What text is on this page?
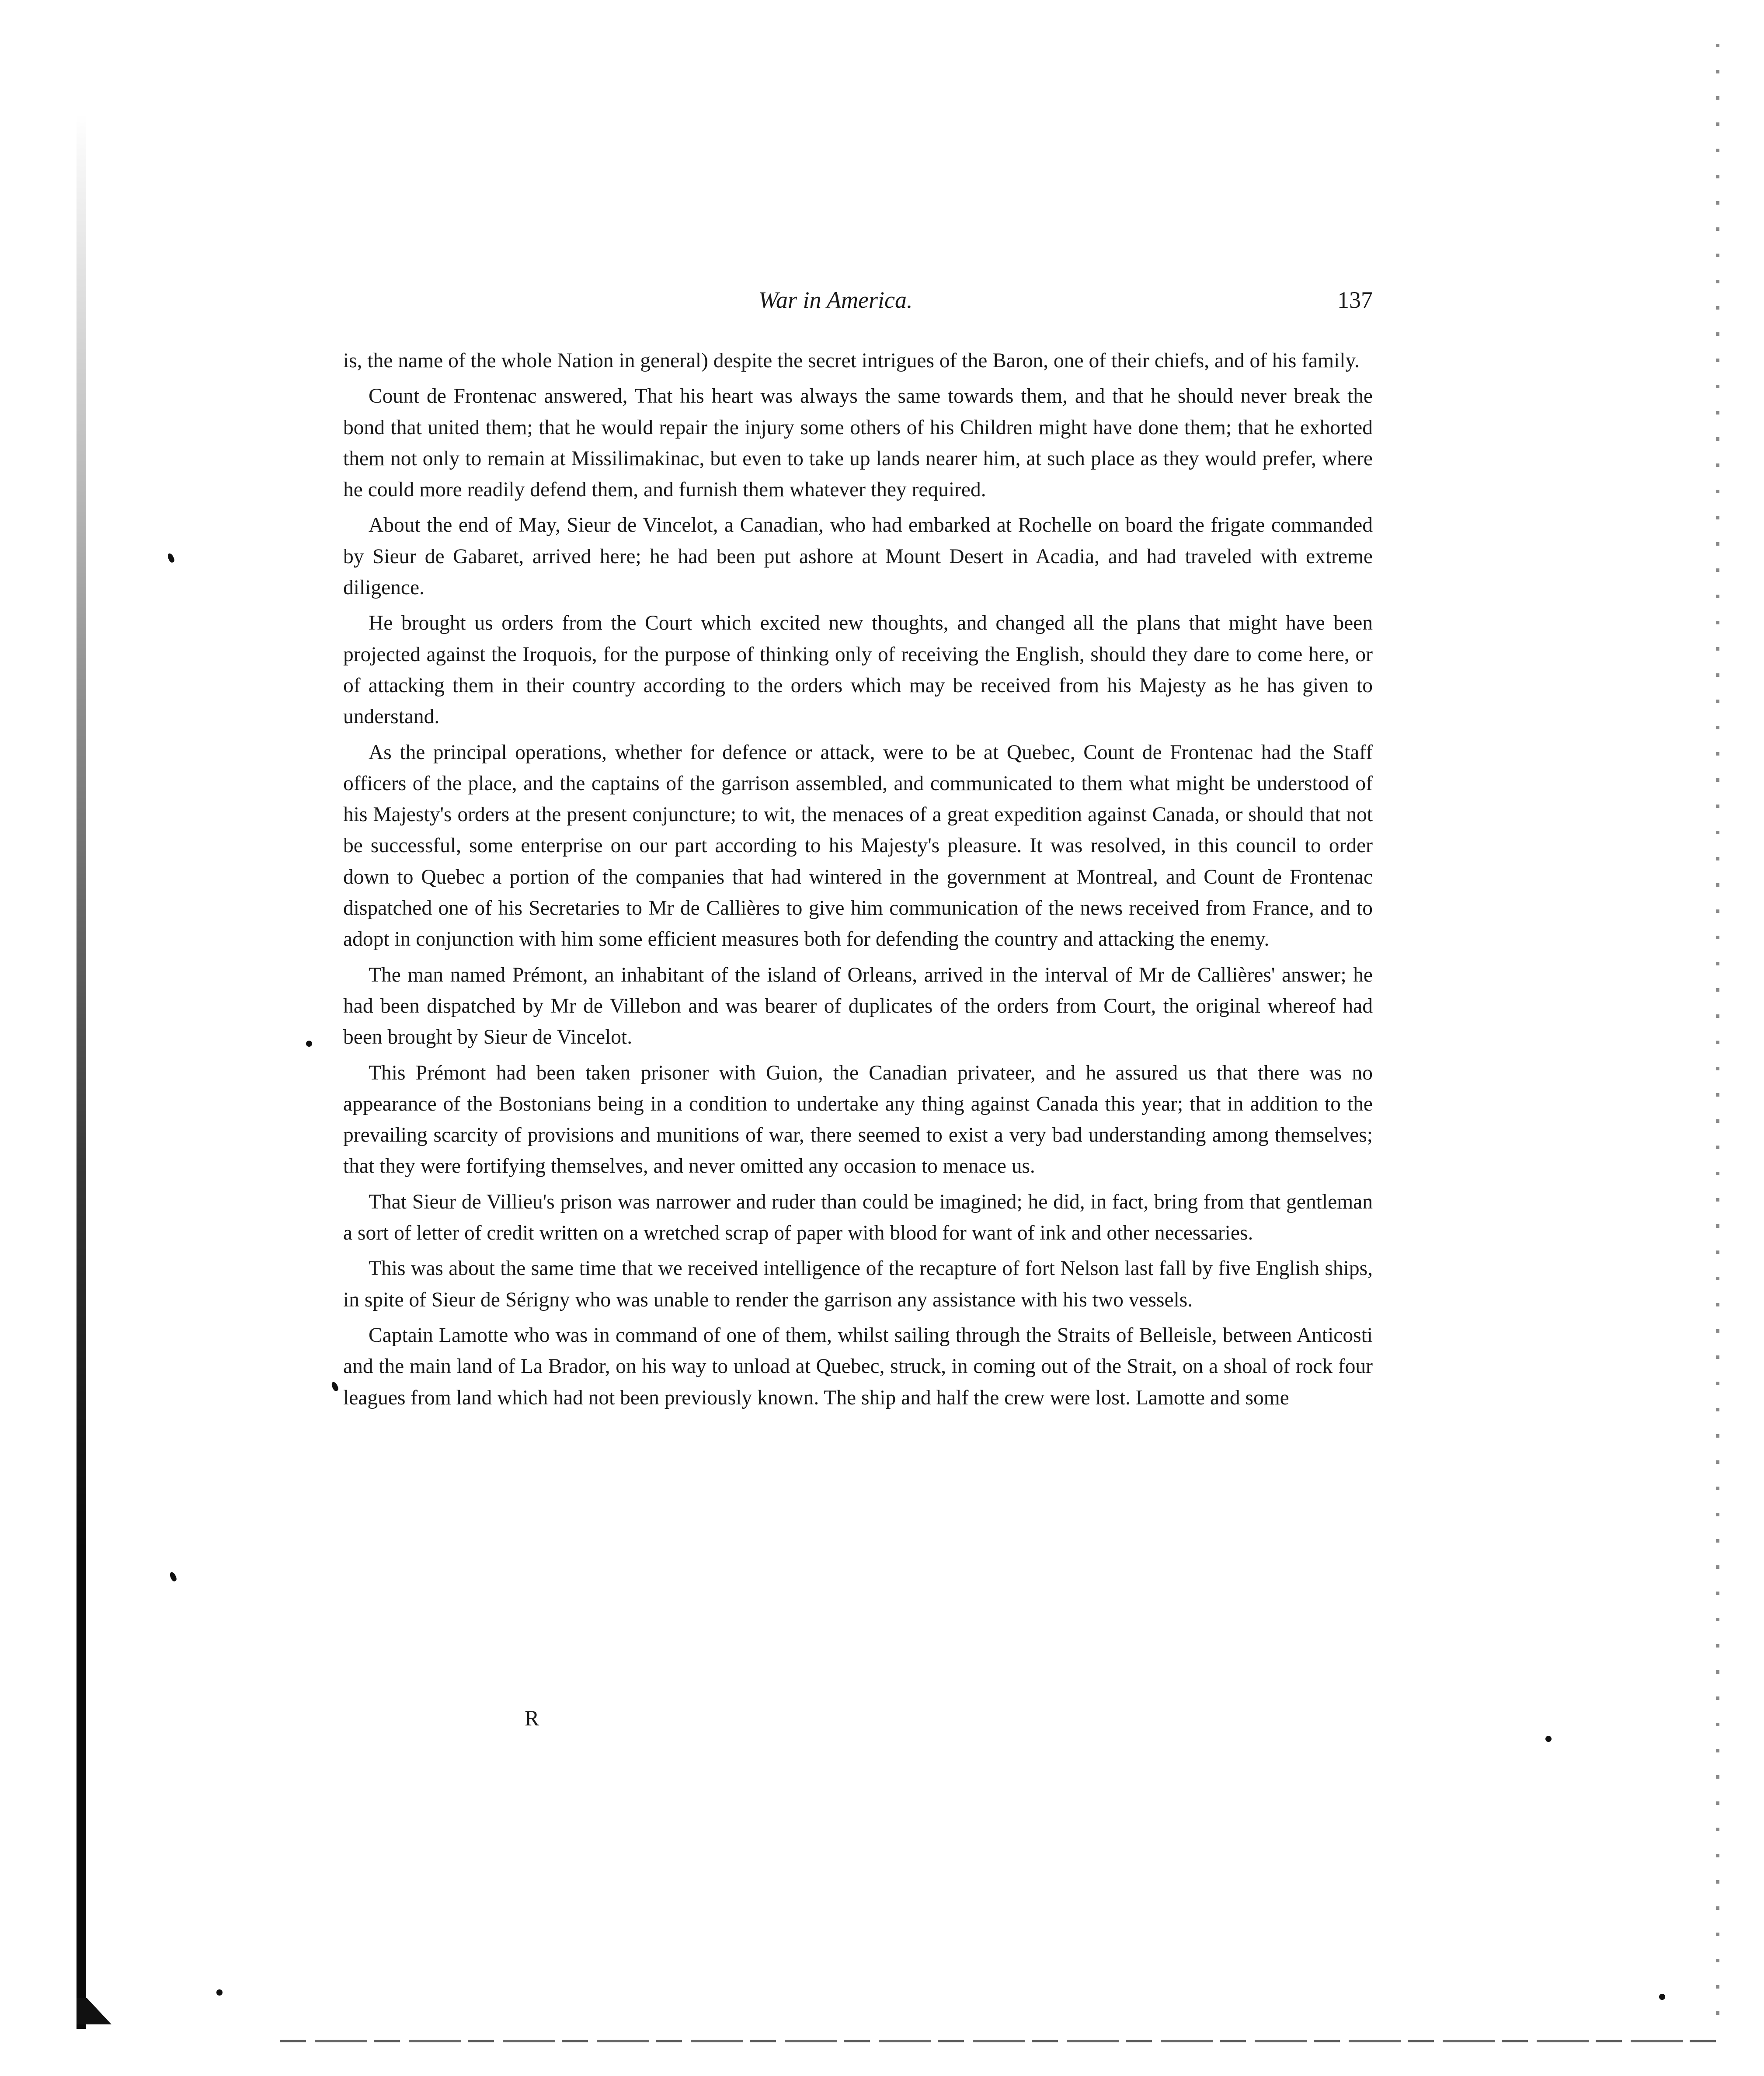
War in America.	137

is, the name of the whole Nation in general) despite the secret intrigues of the Baron, one of their chiefs, and of his family.

Count de Frontenac answered, That his heart was always the same towards them, and that he should never break the bond that united them; that he would repair the injury some others of his Children might have done them; that he exhorted them not only to remain at Missilimakinac, but even to take up lands nearer him, at such place as they would prefer, where he could more readily defend them, and furnish them whatever they required.

About the end of May, Sieur de Vincelot, a Canadian, who had embarked at Rochelle on board the frigate commanded by Sieur de Gabaret, arrived here; he had been put ashore at Mount Desert in Acadia, and had traveled with extreme diligence.

He brought us orders from the Court which excited new thoughts, and changed all the plans that might have been projected against the Iroquois, for the purpose of thinking only of receiving the English, should they dare to come here, or of attacking them in their country according to the orders which may be received from his Majesty as he has given to understand.

As the principal operations, whether for defence or attack, were to be at Quebec, Count de Frontenac had the Staff officers of the place, and the captains of the garrison assembled, and communicated to them what might be understood of his Majesty's orders at the present conjuncture; to wit, the menaces of a great expedition against Canada, or should that not be successful, some enterprise on our part according to his Majesty's pleasure. It was resolved, in this council to order down to Quebec a portion of the companies that had wintered in the government at Montreal, and Count de Frontenac dispatched one of his Secretaries to Mr de Callières to give him communication of the news received from France, and to adopt in conjunction with him some efficient measures both for defending the country and attacking the enemy.

The man named Prémont, an inhabitant of the island of Orleans, arrived in the interval of Mr de Callières' answer; he had been dispatched by Mr de Villebon and was bearer of duplicates of the orders from Court, the original whereof had been brought by Sieur de Vincelot.

This Prémont had been taken prisoner with Guion, the Canadian privateer, and he assured us that there was no appearance of the Bostonians being in a condition to undertake any thing against Canada this year; that in addition to the prevailing scarcity of provisions and munitions of war, there seemed to exist a very bad understanding among themselves; that they were fortifying themselves, and never omitted any occasion to menace us.

That Sieur de Villieu's prison was narrower and ruder than could be imagined; he did, in fact, bring from that gentleman a sort of letter of credit written on a wretched scrap of paper with blood for want of ink and other necessaries.

This was about the same time that we received intelligence of the recapture of fort Nelson last fall by five English ships, in spite of Sieur de Sérigny who was unable to render the garrison any assistance with his two vessels.

Captain Lamotte who was in command of one of them, whilst sailing through the Straits of Belleisle, between Anticosti and the main land of La Brador, on his way to unload at Quebec, struck, in coming out of the Strait, on a shoal of rock four leagues from land which had not been previously known. The ship and half the crew were lost. Lamotte and some

R
